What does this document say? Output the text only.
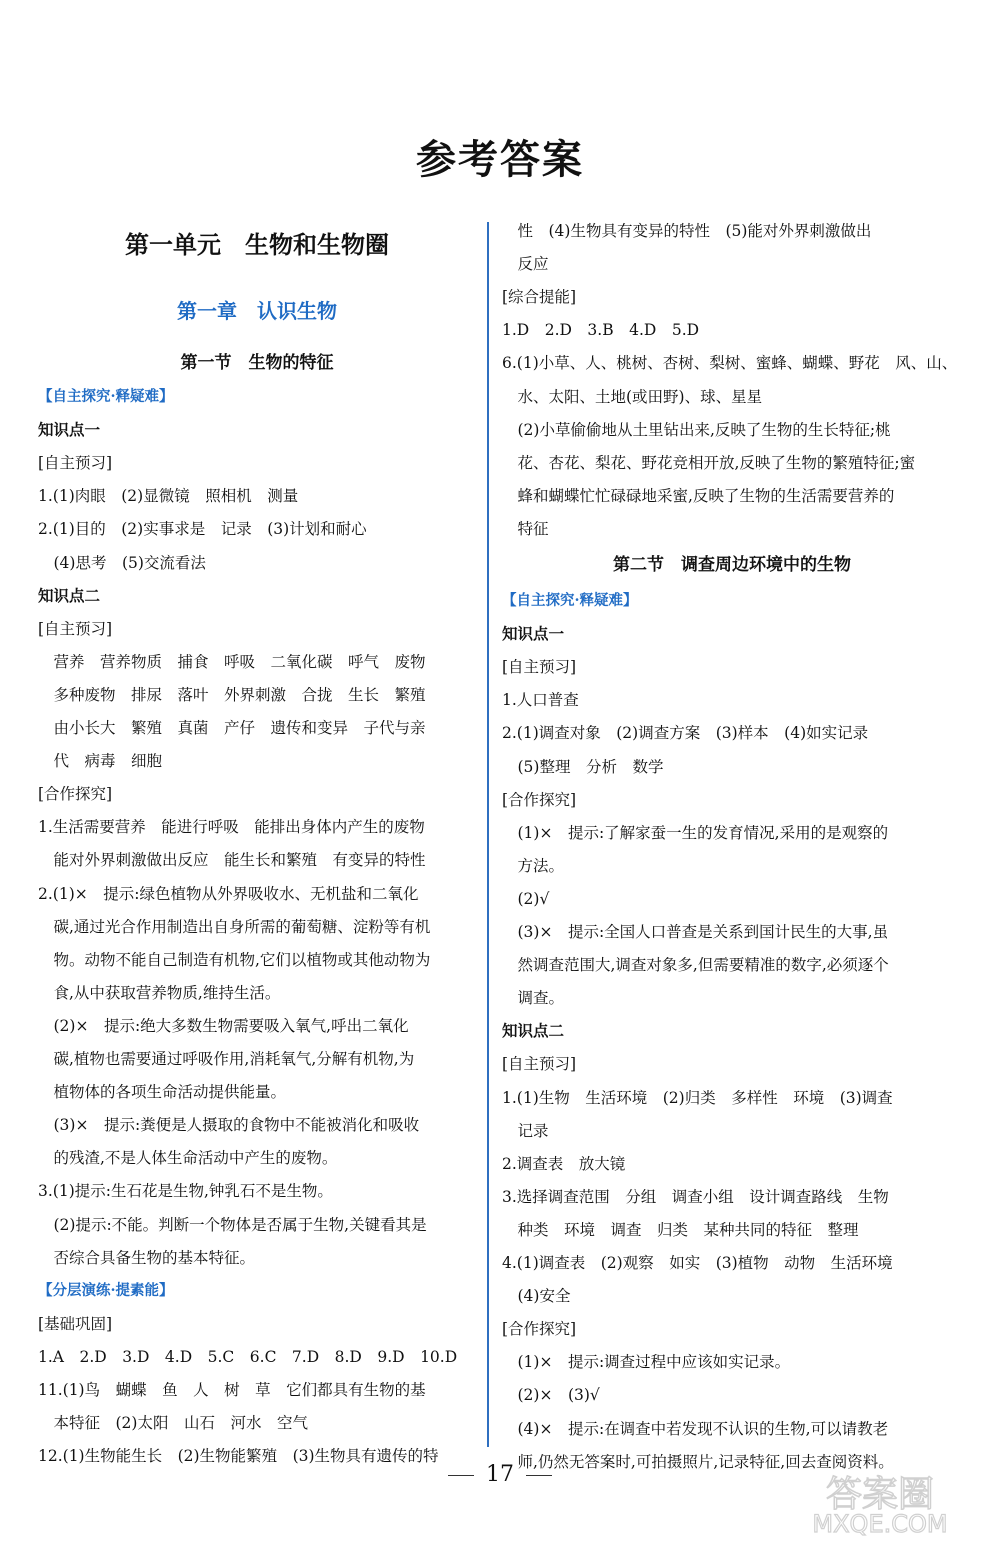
参考答案
第一单元　生物和生物圈
第一章　认识生物
第一节　生物的特征
【自主探究·释疑难】
知识点一
[自主预习]
1.(1)肉眼　(2)显微镜　照相机　测量
2.(1)目的　(2)实事求是　记录　(3)计划和耐心
　(4)思考　(5)交流看法
知识点二
[自主预习]
　营养　营养物质　捕食　呼吸　二氧化碳　呼气　废物
　多种废物　排尿　落叶　外界刺激　合拢　生长　繁殖
　由小长大　繁殖　真菌　产仔　遗传和变异　子代与亲
　代　病毒　细胞
[合作探究]
1.生活需要营养　能进行呼吸　能排出身体内产生的废物
　能对外界刺激做出反应　能生长和繁殖　有变异的特性
2.(1)×　提示:绿色植物从外界吸收水、无机盐和二氧化
　碳,通过光合作用制造出自身所需的葡萄糖、淀粉等有机
　物。动物不能自己制造有机物,它们以植物或其他动物为
　食,从中获取营养物质,维持生活。
　(2)×　提示:绝大多数生物需要吸入氧气,呼出二氧化
　碳,植物也需要通过呼吸作用,消耗氧气,分解有机物,为
　植物体的各项生命活动提供能量。
　(3)×　提示:粪便是人摄取的食物中不能被消化和吸收
　的残渣,不是人体生命活动中产生的废物。
3.(1)提示:生石花是生物,钟乳石不是生物。
　(2)提示:不能。判断一个物体是否属于生物,关键看其是
　否综合具备生物的基本特征。
【分层演练·提素能】
[基础巩固]
1.A　2.D　3.D　4.D　5.C　6.C　7.D　8.D　9.D　10.D
11.(1)鸟　蝴蝶　鱼　人　树　草　它们都具有生物的基
　本特征　(2)太阳　山石　河水　空气
12.(1)生物能生长　(2)生物能繁殖　(3)生物具有遗传的特
第二节　调查周边环境中的生物
　性　(4)生物具有变异的特性　(5)能对外界刺激做出
　反应
[综合提能]
1.D　2.D　3.B　4.D　5.D
6.(1)小草、人、桃树、杏树、梨树、蜜蜂、蝴蝶、野花　风、山、
　水、太阳、土地(或田野)、球、星星
　(2)小草偷偷地从土里钻出来,反映了生物的生长特征;桃
　花、杏花、梨花、野花竞相开放,反映了生物的繁殖特征;蜜
　蜂和蝴蝶忙忙碌碌地采蜜,反映了生物的生活需要营养的
　特征
【自主探究·释疑难】
知识点一
[自主预习]
1.人口普查
2.(1)调查对象　(2)调查方案　(3)样本　(4)如实记录
　(5)整理　分析　数学
[合作探究]
　(1)×　提示:了解家蚕一生的发育情况,采用的是观察的
　方法。
　(2)√
　(3)×　提示:全国人口普查是关系到国计民生的大事,虽
　然调查范围大,调查对象多,但需要精准的数字,必须逐个
　调查。
知识点二
[自主预习]
1.(1)生物　生活环境　(2)归类　多样性　环境　(3)调查
　记录
2.调查表　放大镜
3.选择调查范围　分组　调查小组　设计调查路线　生物
　种类　环境　调查　归类　某种共同的特征　整理
4.(1)调查表　(2)观察　如实　(3)植物　动物　生活环境
　(4)安全
[合作探究]
　(1)×　提示:调查过程中应该如实记录。
　(2)×　(3)√
　(4)×　提示:在调查中若发现不认识的生物,可以请教老
　师,仍然无答案时,可拍摄照片,记录特征,回去查阅资料。
17	答案圈
MXQE.COM
